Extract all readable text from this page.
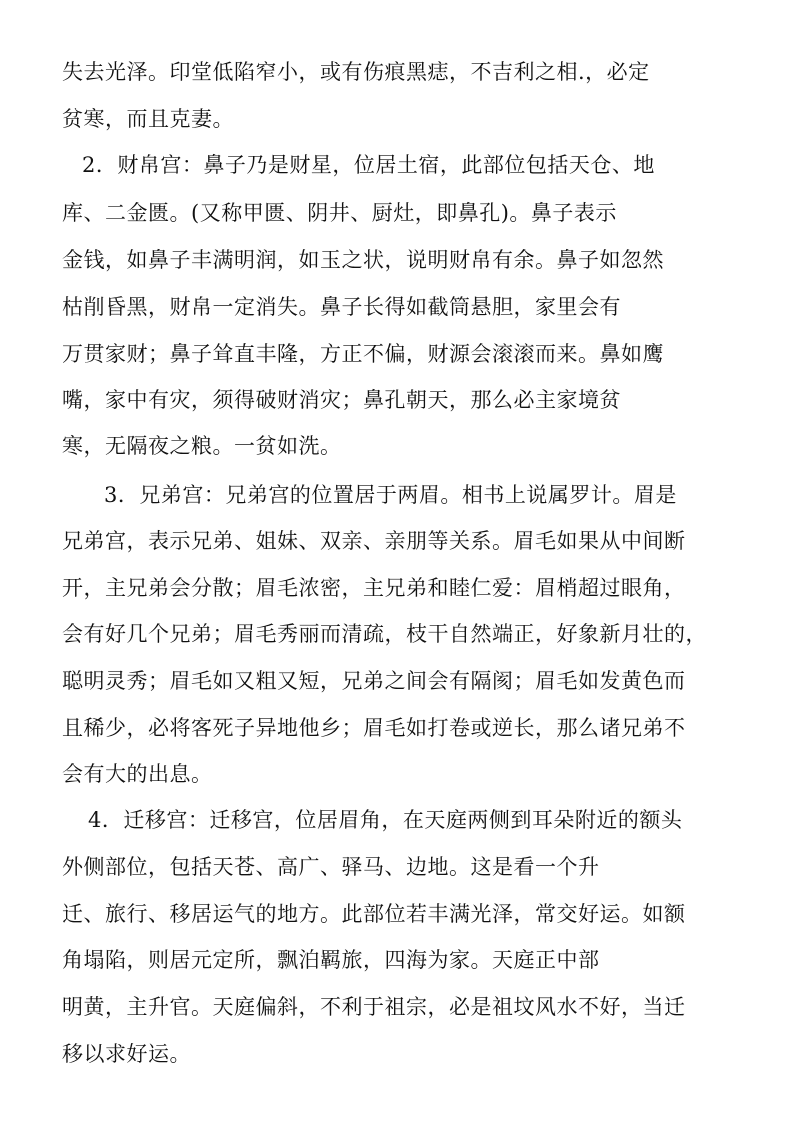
失去光泽。印堂低陷窄小，或有伤痕黑痣，不吉利之相.，必定
贫寒，而且克妻。
2．财帛宫：鼻子乃是财星，位居土宿，此部位包括天仓、地
库、二金匮。(又称甲匮、阴井、厨灶，即鼻孔)。鼻子表示
金钱，如鼻子丰满明润，如玉之状，说明财帛有余。鼻子如忽然
枯削昏黑，财帛一定消失。鼻子长得如截筒悬胆，家里会有
万贯家财；鼻子耸直丰隆，方正不偏，财源会滚滚而来。鼻如鹰
嘴，家中有灾，须得破财消灾；鼻孔朝天，那么必主家境贫
寒，无隔夜之粮。一贫如洗。
3．兄弟宫：兄弟宫的位置居于两眉。相书上说属罗计。眉是
兄弟宫，表示兄弟、姐妹、双亲、亲朋等关系。眉毛如果从中间断
开，主兄弟会分散；眉毛浓密，主兄弟和睦仁爱：眉梢超过眼角，
会有好几个兄弟；眉毛秀丽而清疏，枝干自然端正，好象新月壮的，
聪明灵秀；眉毛如又粗又短，兄弟之间会有隔阂；眉毛如发黄色而
且稀少，必将客死子异地他乡；眉毛如打卷或逆长，那么诸兄弟不
会有大的出息。
4．迁移宫：迁移宫，位居眉角，在天庭两侧到耳朵附近的额头
外侧部位，包括天苍、高广、驿马、边地。这是看一个升
迁、旅行、移居运气的地方。此部位若丰满光泽，常交好运。如额
角塌陷，则居元定所，飘泊羁旅，四海为家。天庭正中部
明黄，主升官。天庭偏斜，不利于祖宗，必是祖坟风水不好，当迁
移以求好运。
